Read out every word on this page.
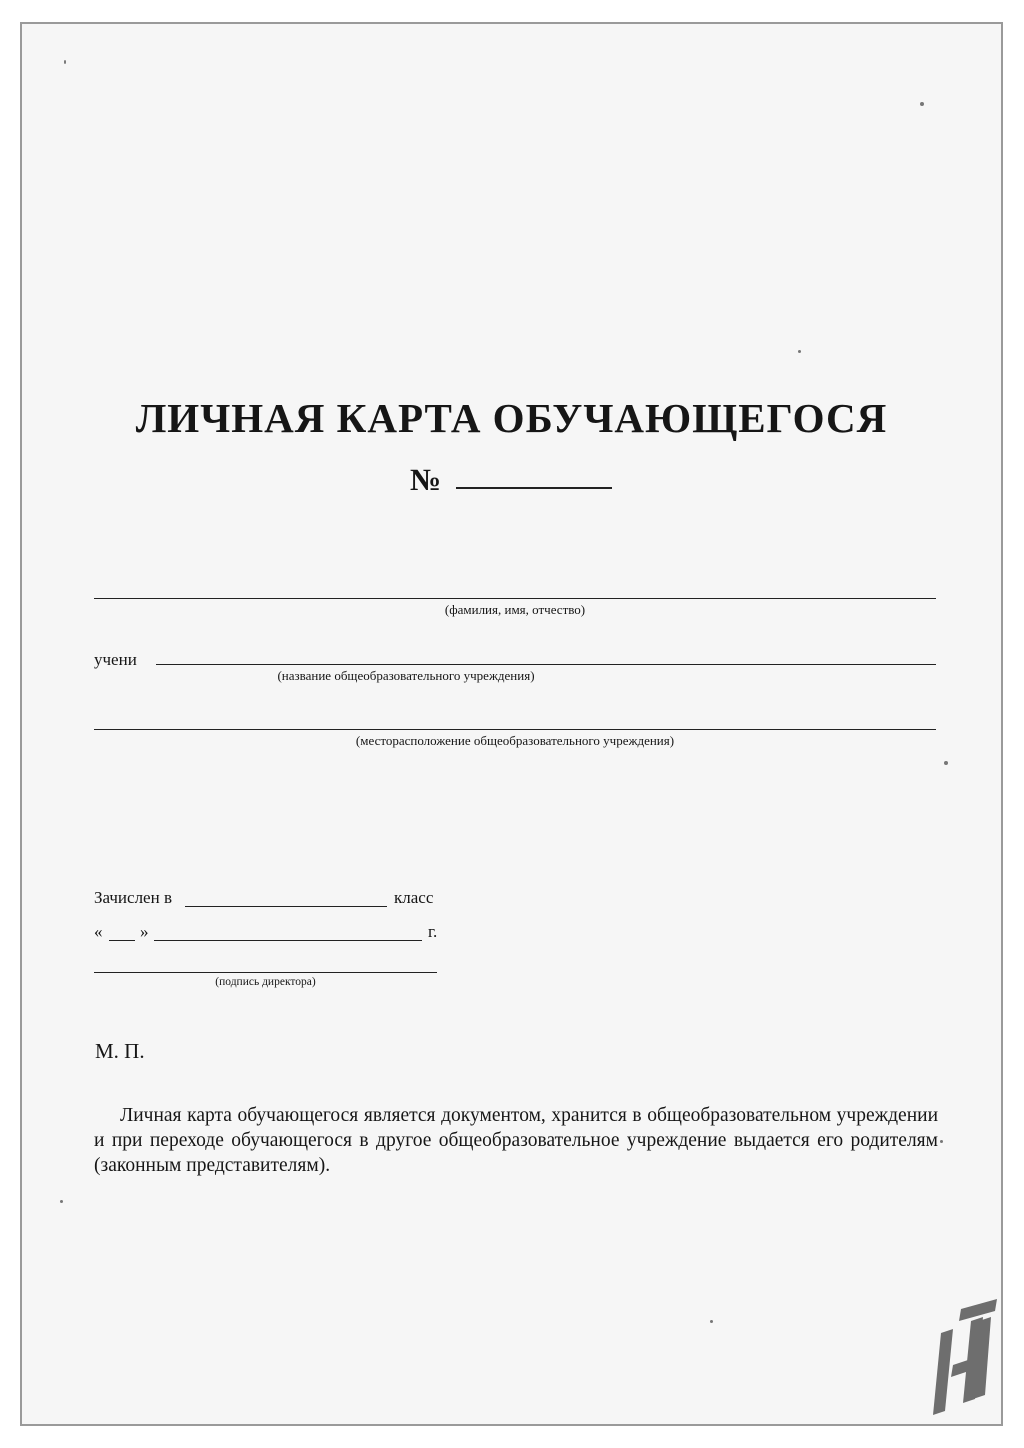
ЛИЧНАЯ КАРТА ОБУЧАЮЩЕГОСЯ
№
(фамилия, имя, отчество)
учени
(название общеобразовательного учреждения)
(месторасположение общеобразовательного учреждения)
Зачислен в	класс
« »	г.
(подпись директора)
М. П.
Личная карта обучающегося является документом, хранится в общеобразовательном учреждении и при переходе обучающегося в другое общеобразовательное учреждение выдается его родителям (законным представителям).
